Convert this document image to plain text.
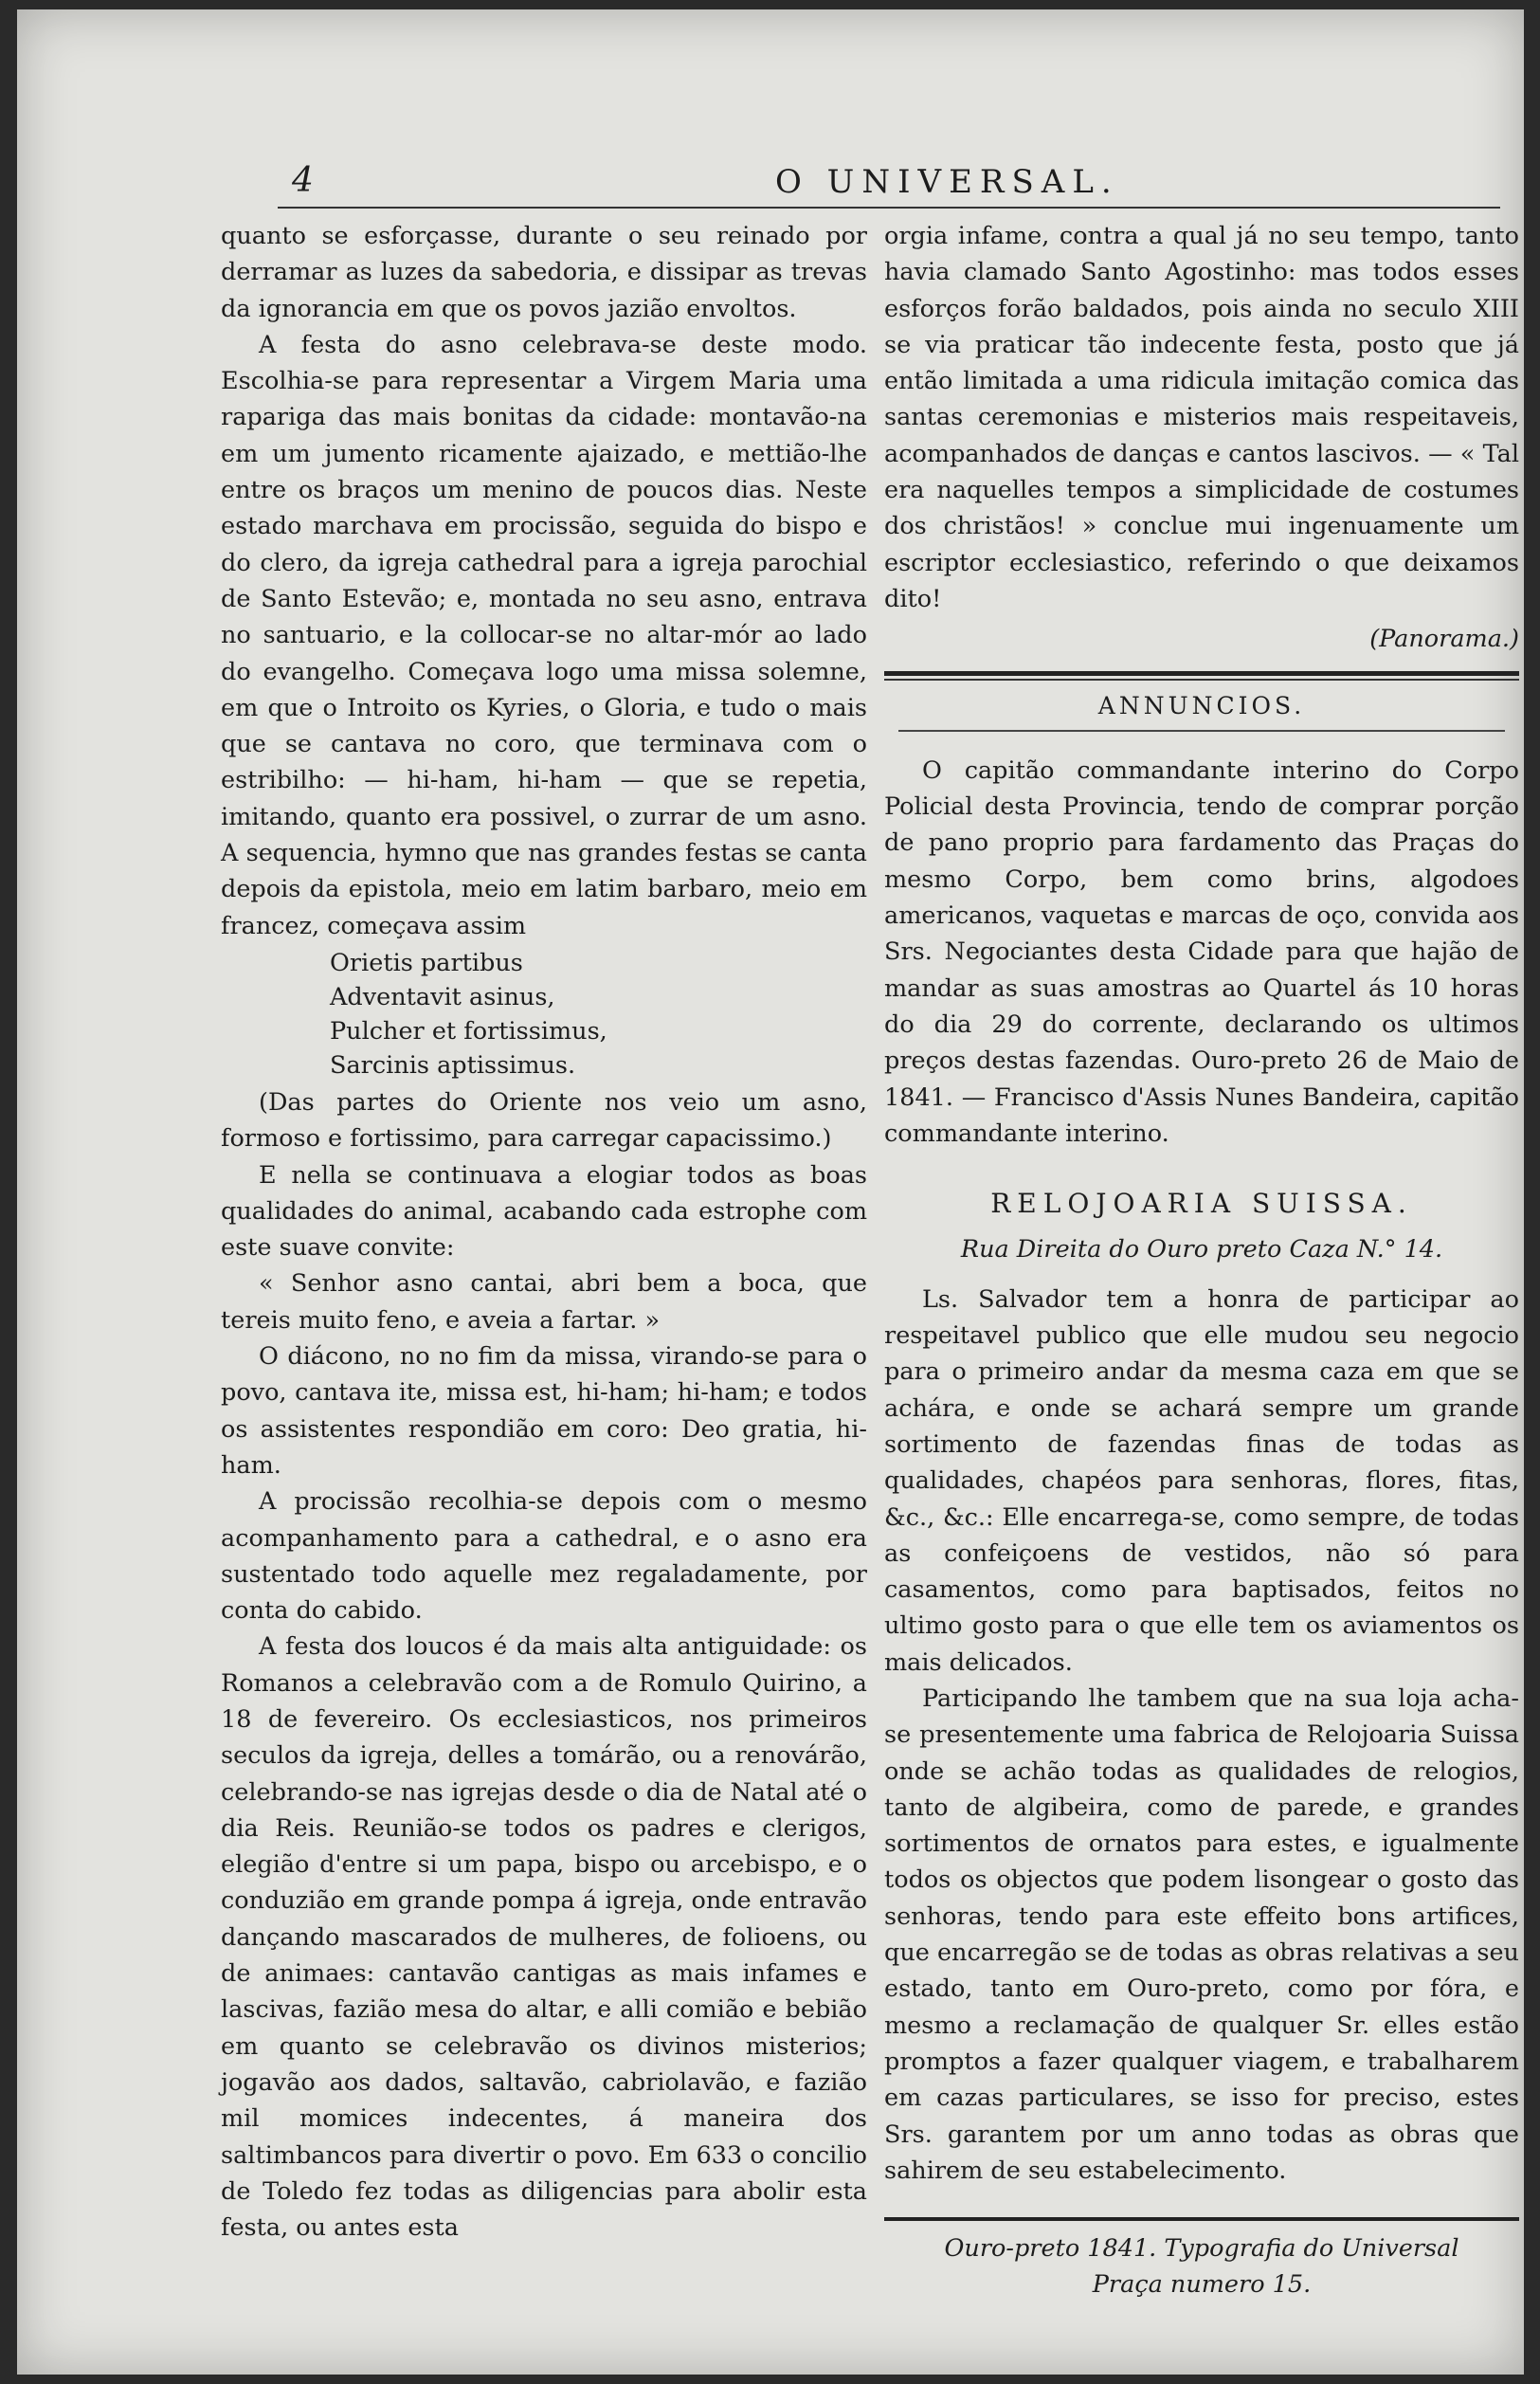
4	O UNIVERSAL.

quanto se esforçasse, durante o seu reinado por derramar as luzes da sabedoria, e dissipar as trevas da ignorancia em que os povos jazião envoltos.

A festa do asno celebrava-se deste modo. Escolhia-se para representar a Virgem Maria uma rapariga das mais bonitas da cidade: montavão-na em um jumento ricamente ajaizado, e mettião-lhe entre os braços um menino de poucos dias. Neste estado marchava em procissão, seguida do bispo e do clero, da igreja cathedral para a igreja parochial de Santo Estevão; e, montada no seu asno, entrava no santuario, e la collocar-se no altar-mór ao lado do evangelho. Começava logo uma missa solemne, em que o Introito os Kyries, o Gloria, e tudo o mais que se cantava no coro, que terminava com o estribilho: — hi-ham, hi-ham — que se repetia, imitando, quanto era possivel, o zurrar de um asno. A sequencia, hymno que nas grandes festas se canta depois da epistola, meio em latim barbaro, meio em francez, começava assim

Orietis partibus
Adventavit asinus,
Pulcher et fortissimus,
Sarcinis aptissimus.

(Das partes do Oriente nos veio um asno, formoso e fortissimo, para carregar capacissimo.)

E nella se continuava a elogiar todos as boas qualidades do animal, acabando cada estrophe com este suave convite:

« Senhor asno cantai, abri bem a boca, que tereis muito feno, e aveia a fartar. »

O diácono, no no fim da missa, virando-se para o povo, cantava ite, missa est, hi-ham; hi-ham; e todos os assistentes respondião em coro: Deo gratia, hi-ham.

A procissão recolhia-se depois com o mesmo acompanhamento para a cathedral, e o asno era sustentado todo aquelle mez regaladamente, por conta do cabido.

A festa dos loucos é da mais alta antiguidade: os Romanos a celebravão com a de Romulo Quirino, a 18 de fevereiro. Os ecclesiasticos, nos primeiros seculos da igreja, delles a tomárão, ou a renovárão, celebrando-se nas igrejas desde o dia de Natal até o dia Reis. Reunião-se todos os padres e clerigos, elegião d'entre si um papa, bispo ou arcebispo, e o conduzião em grande pompa á igreja, onde entravão dançando mascarados de mulheres, de folioens, ou de animaes: cantavão cantigas as mais infames e lascivas, fazião mesa do altar, e alli comião e bebião em quanto se celebravão os divinos misterios; jogavão aos dados, saltavão, cabriolavão, e fazião mil momices indecentes, á maneira dos saltimbancos para divertir o povo. Em 633 o concilio de Toledo fez todas as diligencias para abolir esta festa, ou antes esta

orgia infame, contra a qual já no seu tempo, tanto havia clamado Santo Agostinho: mas todos esses esforços forão baldados, pois ainda no seculo XIII se via praticar tão indecente festa, posto que já então limitada a uma ridicula imitação comica das santas ceremonias e misterios mais respeitaveis, acompanhados de danças e cantos lascivos. — « Tal era naquelles tempos a simplicidade de costumes dos christãos! » conclue mui ingenuamente um escriptor ecclesiastico, referindo o que deixamos dito!

(Panorama.)
ANNUNCIOS.

O capitão commandante interino do Corpo Policial desta Provincia, tendo de comprar porção de pano proprio para fardamento das Praças do mesmo Corpo, bem como brins, algodoes americanos, vaquetas e marcas de oço, convida aos Srs. Negociantes desta Cidade para que hajão de mandar as suas amostras ao Quartel ás 10 horas do dia 29 do corrente, declarando os ultimos preços destas fazendas. Ouro-preto 26 de Maio de 1841. — Francisco d'Assis Nunes Bandeira, capitão commandante interino.

RELOJOARIA SUISSA.
Rua Direita do Ouro preto Caza N.° 14.

Ls. Salvador tem a honra de participar ao respeitavel publico que elle mudou seu negocio para o primeiro andar da mesma caza em que se achára, e onde se achará sempre um grande sortimento de fazendas finas de todas as qualidades, chapéos para senhoras, flores, fitas, &c., &c.: Elle encarrega-se, como sempre, de todas as confeiçoens de vestidos, não só para casamentos, como para baptisados, feitos no ultimo gosto para o que elle tem os aviamentos os mais delicados.

Participando lhe tambem que na sua loja acha-se presentemente uma fabrica de Relojoaria Suissa onde se achão todas as qualidades de relogios, tanto de algibeira, como de parede, e grandes sortimentos de ornatos para estes, e igualmente todos os objectos que podem lisongear o gosto das senhoras, tendo para este effeito bons artifices, que encarregão se de todas as obras relativas a seu estado, tanto em Ouro-preto, como por fóra, e mesmo a reclamação de qualquer Sr. elles estão promptos a fazer qualquer viagem, e trabalharem em cazas particulares, se isso for preciso, estes Srs. garantem por um anno todas as obras que sahirem de seu estabelecimento.

Ouro-preto 1841. Typografia do Universal
Praça numero 15.
